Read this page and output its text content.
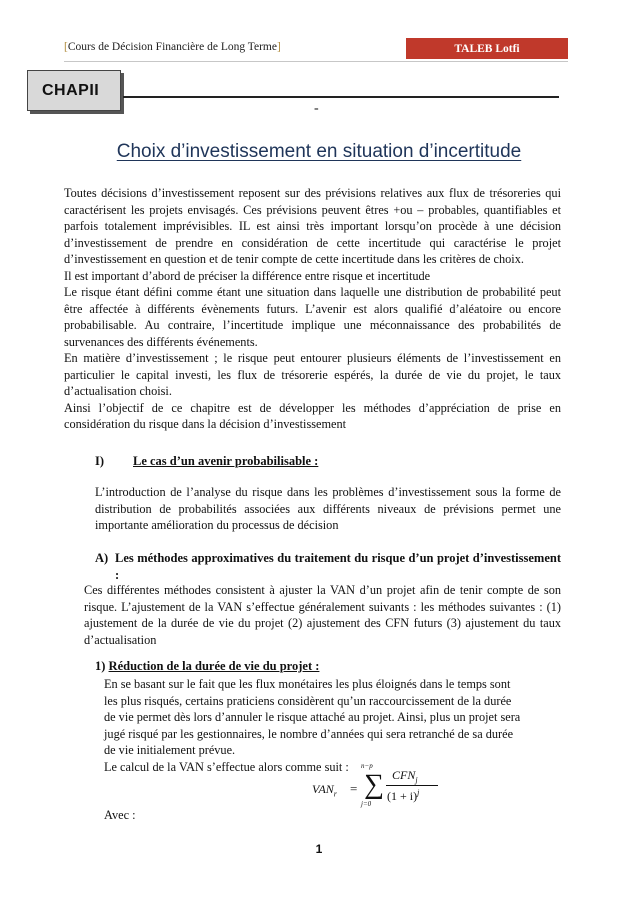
[Cours de Décision Financière de Long Terme]	TALEB Lotfi
CHAPII
-
Choix d’investissement en situation d’incertitude

Toutes décisions d’investissement reposent sur des prévisions relatives aux flux de trésoreries qui caractérisent les projets envisagés. Ces prévisions peuvent êtres +ou – probables, quantifiables et parfois totalement imprévisibles. IL est ainsi très important lorsqu’on procède à une décision d’investissement de prendre en considération de cette incertitude qui caractérise le projet d’investissement en question et de tenir compte de cette incertitude dans les critères de choix.

Il est important d’abord de préciser la différence entre risque et incertitude

Le risque étant défini comme étant une situation dans laquelle une distribution de probabilité peut être affectée à différents évènements futurs. L’avenir est alors qualifié d’aléatoire ou encore probabilisable. Au contraire, l’incertitude implique une méconnaissance des probabilités de survenances des différents événements.

En matière d’investissement ; le risque peut entourer plusieurs éléments de l’investissement en particulier le capital investi, les flux de trésorerie espérés, la durée de vie du projet, le taux d’actualisation choisi.

Ainsi l’objectif de ce chapitre est de développer les méthodes d’appréciation de prise en considération du risque dans la décision d’investissement

I) Le cas d’un avenir probabilisable :

L’introduction de l’analyse du risque dans les problèmes d’investissement sous la forme de distribution de probabilités associées aux différents niveaux de prévisions permet une importante amélioration du processus de décision

A) Les méthodes approximatives du traitement du risque d’un projet d’investissement :

Ces différentes méthodes consistent à ajuster la VAN d’un projet afin de tenir compte de son risque. L’ajustement de la VAN s’effectue généralement suivants : les méthodes suivantes : (1) ajustement de la durée de vie du projet (2) ajustement des CFN futurs (3) ajustement du taux d’actualisation

1) Réduction de la durée de vie du projet :
En se basant sur le fait que les flux monétaires les plus éloignés dans le temps sont
les plus risqués, certains praticiens considèrent qu’un raccourcissement de la durée
de vie permet dès lors d’annuler le risque attaché au projet. Ainsi, plus un projet sera
jugé risqué par les gestionnaires, le nombre d’années qui sera retranché de sa durée
de vie initialement prévue.
Le calcul de la VAN s’effectue alors comme suit :
$VAN_r$ =
n−p
∑
j=0
$CFN_j$
$(1 + i)^j$
Avec :
1
